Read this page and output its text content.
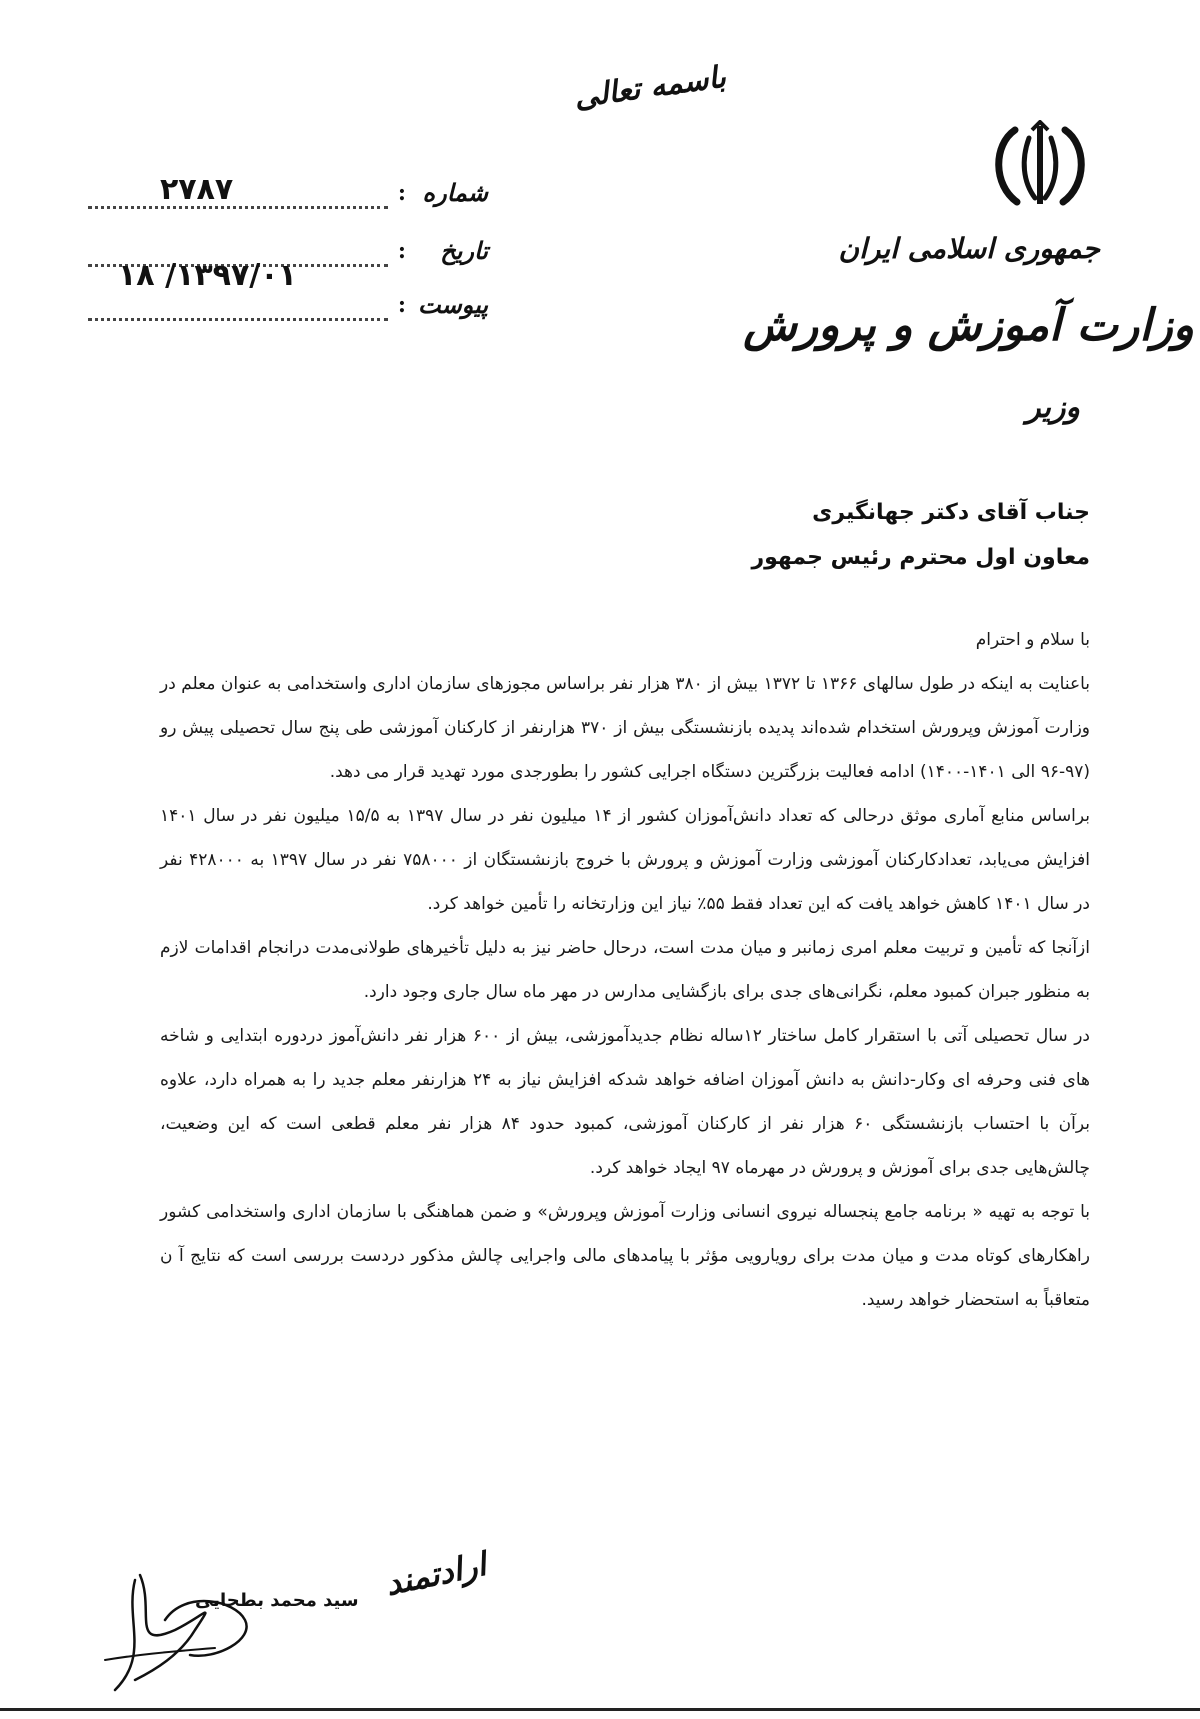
باسمه تعالی
جمهوری اسلامی ایران
وزارت آموزش و پرورش
وزیر
شماره
:
۲۷۸۷
تاریخ
:
۱۳۹۷/۰۱/ ۱۸
پیوست
:
جناب آقای دکتر جهانگیری
معاون اول محترم رئیس جمهور

با سلام و احترام

باعنایت به اینکه در طول سالهای ۱۳۶۶ تا ۱۳۷۲ بیش از ۳۸۰ هزار نفر براساس مجوزهای سازمان اداری واستخدامی به عنوان معلم در وزارت آموزش وپرورش استخدام شده‌اند پدیده بازنشستگی بیش از ۳۷۰ هزارنفر از کارکنان آموزشی طی پنج سال تحصیلی پیش رو (۹۷-۹۶ الی ۱۴۰۱-۱۴۰۰) ادامه فعالیت بزرگترین دستگاه اجرایی کشور را بطورجدی مورد تهدید قرار می دهد.

براساس منابع آماری موثق درحالی که تعداد دانش‌آموزان کشور از ۱۴ میلیون نفر در سال ۱۳۹۷ به ۱۵/۵ میلیون نفر در سال ۱۴۰۱ افزایش می‌یابد، تعدادکارکنان آموزشی وزارت آموزش و پرورش با خروج بازنشستگان از ۷۵۸۰۰۰ نفر در سال ۱۳۹۷ به ۴۲۸۰۰۰ نفر در سال ۱۴۰۱ کاهش خواهد یافت که این تعداد فقط ۵۵٪ نیاز این وزارتخانه را تأمین خواهد کرد.

ازآنجا که تأمین و تربیت معلم امری زمانبر و میان مدت است، درحال حاضر نیز به دلیل تأخیرهای طولانی‌مدت درانجام اقدامات لازم به منظور جبران کمبود معلم، نگرانی‌های جدی برای بازگشایی مدارس در مهر ماه سال جاری وجود دارد.

در سال تحصیلی آتی با استقرار کامل ساختار ۱۲ساله نظام جدیدآموزشی، بیش از ۶۰۰ هزار نفر دانش‌آموز دردوره ابتدایی و شاخه های فنی وحرفه ای وکار-دانش به دانش آموزان اضافه خواهد شدکه افزایش نیاز به ۲۴ هزارنفر معلم جدید را به همراه دارد، علاوه برآن با احتساب بازنشستگی ۶۰ هزار نفر از کارکنان آموزشی، کمبود حدود ۸۴ هزار نفر معلم قطعی است که این وضعیت، چالش‌هایی جدی برای آموزش و پرورش در مهرماه ۹۷ ایجاد خواهد کرد.

با توجه به تهیه « برنامه جامع پنجساله نیروی انسانی وزارت آموزش وپرورش» و ضمن هماهنگی با سازمان اداری واستخدامی کشور راهکارهای کوتاه مدت و میان مدت برای رویارویی مؤثر با پیامدهای مالی واجرایی چالش مذکور دردست بررسی است که نتایج آ ن متعاقباً به استحضار خواهد رسید.

ارادتمند
سید محمد بطحایی
